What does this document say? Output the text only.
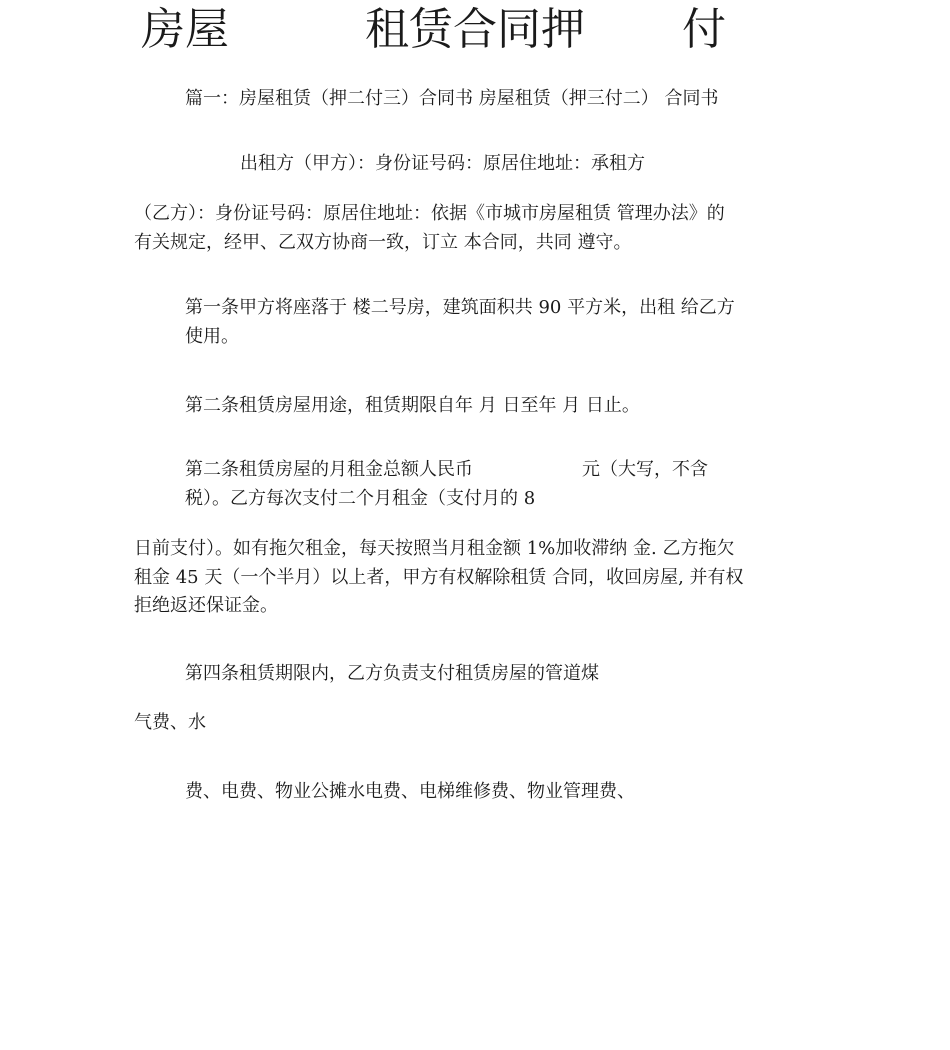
房屋	租赁合同押 付
篇一：房屋租赁（押二付三）合同书 房屋租赁（押三付二） 合同书
出租方（甲方）：身份证号码：原居住地址：承租方
（乙方）：身份证号码：原居住地址：依据《市城市房屋租赁 管理办法》的
有关规定，经甲、乙双方协商一致，订立 本合同，共同 遵守。
第一条甲方将座落于 楼二号房，建筑面积共 90 平方米，出租 给乙方
使用。
第二条租赁房屋用途，租赁期限自年 月 日至年 月 日止。
第二条租赁房屋的月租金总额人民币	元（大写，不含
税）。乙方每次支付二个月租金（支付月的 8
日前支付）。如有拖欠租金，每天按照当月租金额 1%加收滞纳 金. 乙方拖欠
租金 45 天（一个半月）以上者，甲方有权解除租赁 合同，收回房屋, 并有权
拒绝返还保证金。
第四条租赁期限内，乙方负责支付租赁房屋的管道煤
气费、水
费、电费、物业公摊水电费、电梯维修费、物业管理费、
